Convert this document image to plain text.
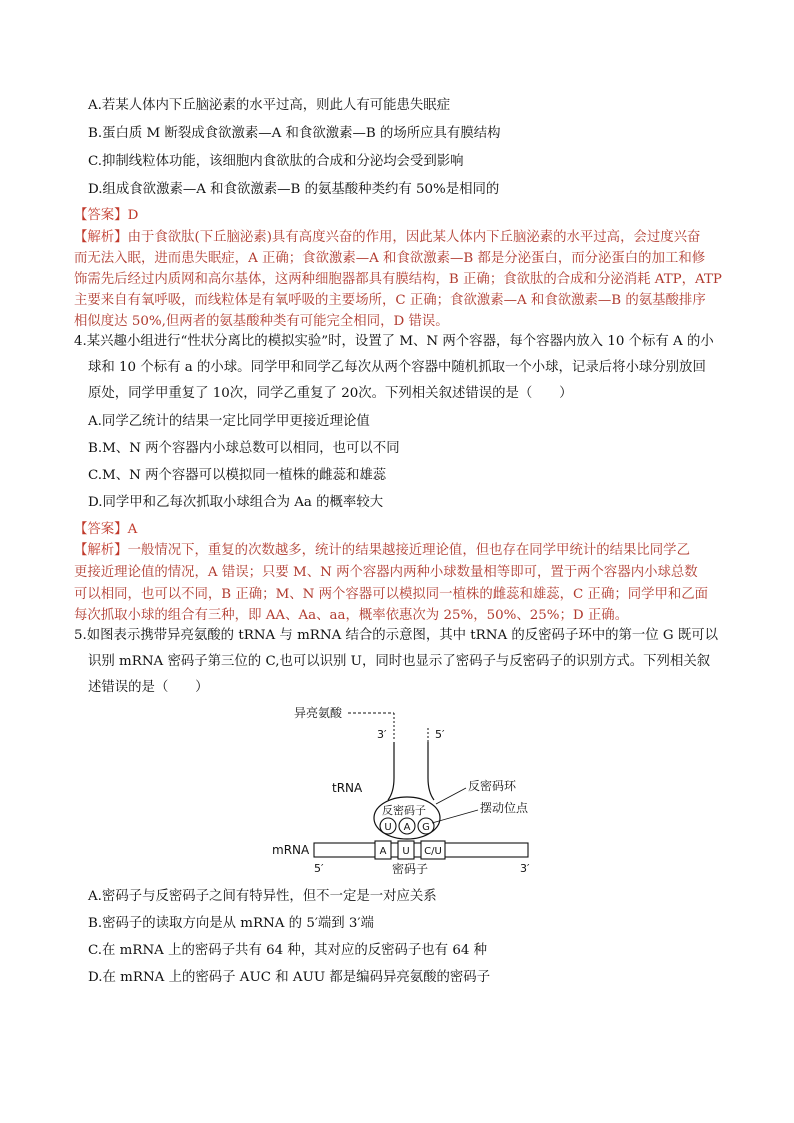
A.若某人体内下丘脑泌素的水平过高，则此人有可能患失眠症
B.蛋白质 M 断裂成食欲激素—A 和食欲激素—B 的场所应具有膜结构
C.抑制线粒体功能，该细胞内食欲肽的合成和分泌均会受到影响
D.组成食欲激素—A 和食欲激素—B 的氨基酸种类约有 50%是相同的
【答案】D
【解析】由于食欲肽(下丘脑泌素)具有高度兴奋的作用，因此某人体内下丘脑泌素的水平过高，会过度兴奋
而无法入眠，进而患失眠症，A 正确；食欲激素—A 和食欲激素—B 都是分泌蛋白，而分泌蛋白的加工和修
饰需先后经过内质网和高尔基体，这两种细胞器都具有膜结构，B 正确；食欲肽的合成和分泌消耗 ATP，ATP
主要来自有氧呼吸，而线粒体是有氧呼吸的主要场所，C 正确；食欲激素—A 和食欲激素—B 的氨基酸排序
相似度达 50%,但两者的氨基酸种类有可能完全相同，D 错误。
4.某兴趣小组进行“性状分离比的模拟实验”时，设置了 M、N 两个容器，每个容器内放入 10 个标有 A 的小
球和 10 个标有 a 的小球。同学甲和同学乙每次从两个容器中随机抓取一个小球，记录后将小球分别放回
原处，同学甲重复了 10次，同学乙重复了 20次。下列相关叙述错误的是（　　）
A.同学乙统计的结果一定比同学甲更接近理论值
B.M、N 两个容器内小球总数可以相同，也可以不同
C.M、N 两个容器可以模拟同一植株的雌蕊和雄蕊
D.同学甲和乙每次抓取小球组合为 Aa 的概率较大
【答案】A
【解析】一般情况下，重复的次数越多，统计的结果越接近理论值，但也存在同学甲统计的结果比同学乙
更接近理论值的情况，A 错误；只要 M、N 两个容器内两种小球数量相等即可，置于两个容器内小球总数
可以相同，也可以不同，B 正确；M、N 两个容器可以模拟同一植株的雌蕊和雄蕊，C 正确；同学甲和乙面
每次抓取小球的组合有三种，即 AA、Aa、aa，概率依惠次为 25%，50%、25%；D 正确。
5.如图表示携带异亮氨酸的 tRNA 与 mRNA 结合的示意图，其中 tRNA 的反密码子环中的第一位 G 既可以
识别 mRNA 密码子第三位的 C,也可以识别 U，同时也显示了密码子与反密码子的识别方式。下列相关叙
述错误的是（　　）
异亮氨酸
3′	5′
tRNA
反密码子
U A G
反密码环
摆动位点
mRNA	A U C/U
5′	3′
密码子
A.密码子与反密码子之间有特异性，但不一定是一对应关系
B.密码子的读取方向是从 mRNA 的 5′端到 3′端
C.在 mRNA 上的密码子共有 64 种，其对应的反密码子也有 64 种
D.在 mRNA 上的密码子 AUC 和 AUU 都是编码异亮氨酸的密码子
